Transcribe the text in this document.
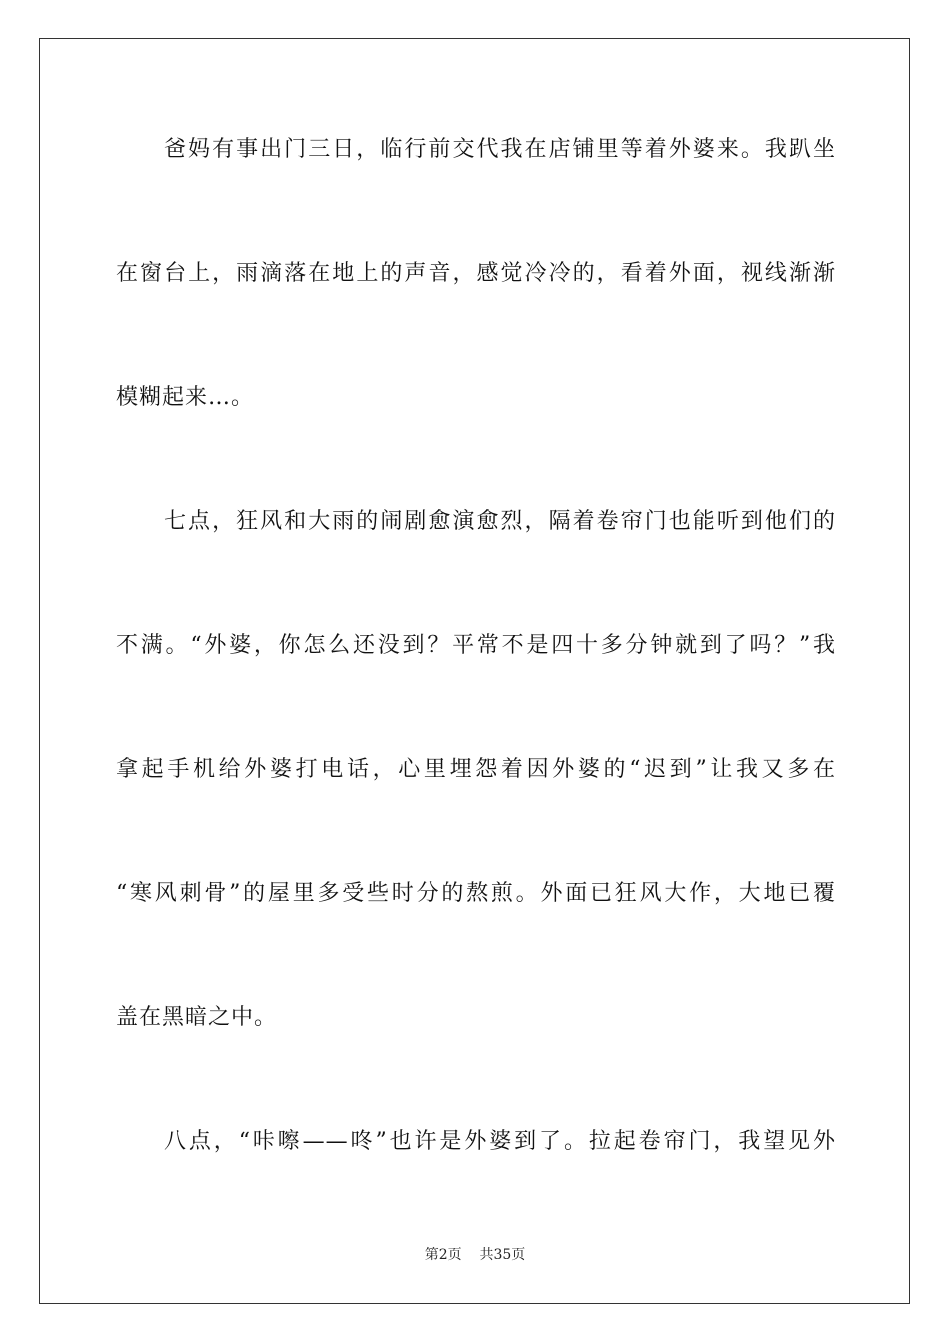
爸妈有事出门三日，临行前交代我在店铺里等着外婆来。我趴坐
在窗台上，雨滴落在地上的声音，感觉冷冷的，看着外面，视线渐渐
模糊起来…。
七点，狂风和大雨的闹剧愈演愈烈，隔着卷帘门也能听到他们的
不满。“外婆，你怎么还没到？平常不是四十多分钟就到了吗？”我
拿起手机给外婆打电话，心里埋怨着因外婆的“迟到”让我又多在
“寒风刺骨”的屋里多受些时分的熬煎。外面已狂风大作，大地已覆
盖在黑暗之中。
八点，“咔嚓——咚”也许是外婆到了。拉起卷帘门，我望见外
第2页 共35页
